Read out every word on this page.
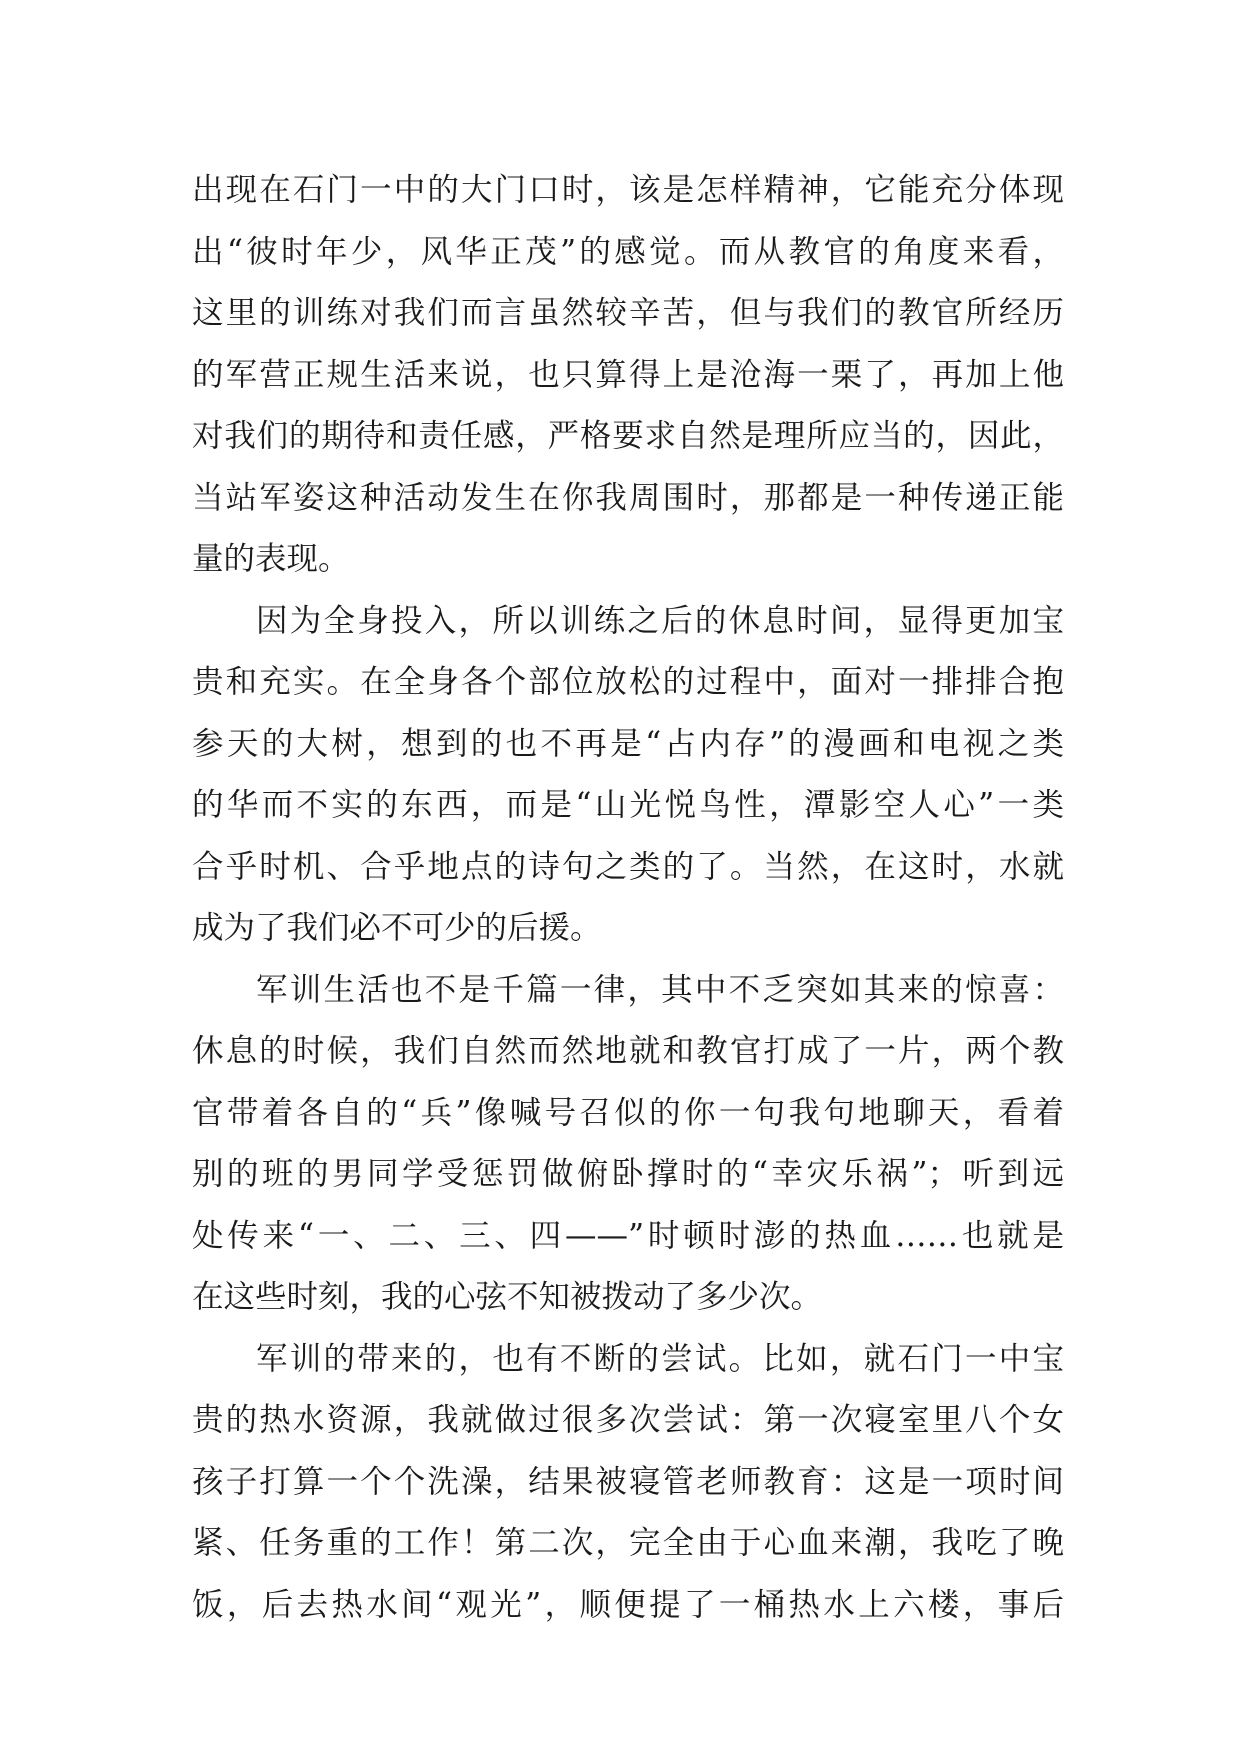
出现在石门一中的大门口时，该是怎样精神，它能充分体现
出“彼时年少，风华正茂”的感觉。而从教官的角度来看，
这里的训练对我们而言虽然较辛苦，但与我们的教官所经历
的军营正规生活来说，也只算得上是沧海一栗了，再加上他
对我们的期待和责任感，严格要求自然是理所应当的，因此，
当站军姿这种活动发生在你我周围时，那都是一种传递正能
量的表现。
因为全身投入，所以训练之后的休息时间，显得更加宝
贵和充实。在全身各个部位放松的过程中，面对一排排合抱
参天的大树，想到的也不再是“占内存”的漫画和电视之类
的华而不实的东西，而是“山光悦鸟性，潭影空人心”一类
合乎时机、合乎地点的诗句之类的了。当然，在这时，水就
成为了我们必不可少的后援。
军训生活也不是千篇一律，其中不乏突如其来的惊喜：
休息的时候，我们自然而然地就和教官打成了一片，两个教
官带着各自的“兵”像喊号召似的你一句我句地聊天，看着
别的班的男同学受惩罚做俯卧撑时的“幸灾乐祸”；听到远
处传来“一、二、三、四——”时顿时澎的热血……也就是
在这些时刻，我的心弦不知被拨动了多少次。
军训的带来的，也有不断的尝试。比如，就石门一中宝
贵的热水资源，我就做过很多次尝试：第一次寝室里八个女
孩子打算一个个洗澡，结果被寝管老师教育：这是一项时间
紧、任务重的工作！第二次，完全由于心血来潮，我吃了晚
饭，后去热水间“观光”，顺便提了一桶热水上六楼，事后
